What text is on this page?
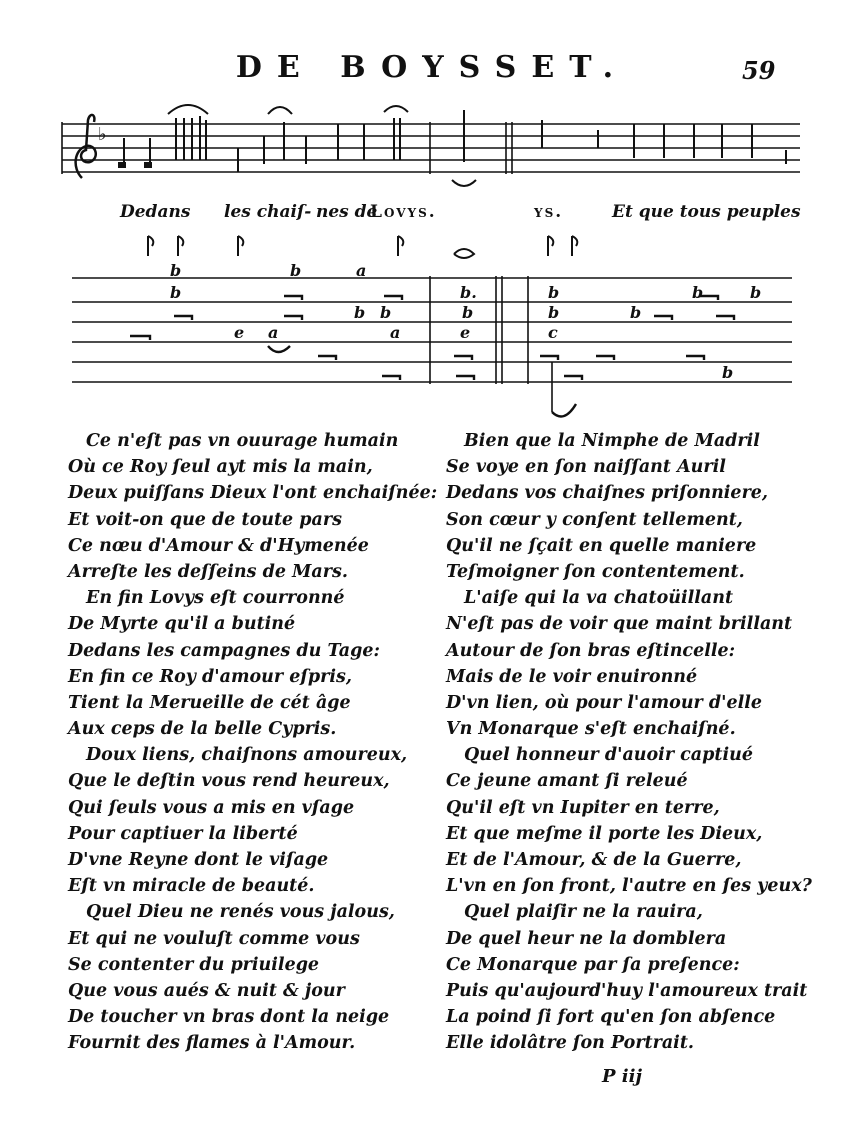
DE BOYSSET.	59
♭
b	b	a
b	b.	b	b	b
b b	b	b	b
e a	a	e	c
b
Dedans les chaiſ- nes de
Lovys.	ys.	Et que tous peuples
Ce n'eſt pas vn ouurage humain
Où ce Roy ſeul ayt mis la main,
Deux puiſſans Dieux l'ont enchaiſnée:
Et voit-on que de toute pars
Ce nœu d'Amour & d'Hymenée
Arreſte les deſſeins de Mars.
En fin Lovys eſt courronné
De Myrte qu'il a butiné
Dedans les campagnes du Tage:
En fin ce Roy d'amour eſpris,
Tient la Merueille de cét âge
Aux ceps de la belle Cypris.
Doux liens, chaiſnons amoureux,
Que le deſtin vous rend heureux,
Qui ſeuls vous a mis en vſage
Pour captiuer la liberté
D'vne Reyne dont le viſage
Eſt vn miracle de beauté.
Quel Dieu ne renés vous jalous,
Et qui ne vouluſt comme vous
Se contenter du priuilege
Que vous aués & nuit & jour
De toucher vn bras dont la neige
Fournit des flames à l'Amour.
Bien que la Nimphe de Madril
Se voye en ſon naiſſant Auril
Dedans vos chaiſnes priſonniere,
Son cœur y conſent tellement,
Qu'il ne ſçait en quelle maniere
Teſmoigner ſon contentement.
L'aiſe qui la va chatoüillant
N'eſt pas de voir que maint brillant
Autour de ſon bras eſtincelle:
Mais de le voir enuironné
D'vn lien, où pour l'amour d'elle
Vn Monarque s'eſt enchaiſné.
Quel honneur d'auoir captiué
Ce jeune amant ſi releué
Qu'il eſt vn Iupiter en terre,
Et que meſme il porte les Dieux,
Et de l'Amour, & de la Guerre,
L'vn en ſon front, l'autre en ſes yeux?
Quel plaiſir ne la rauira,
De quel heur ne la domblera
Ce Monarque par ſa preſence:
Puis qu'aujourd'huy l'amoureux trait
La poind ſi fort qu'en ſon abſence
Elle idolâtre ſon Portrait.
P iij
